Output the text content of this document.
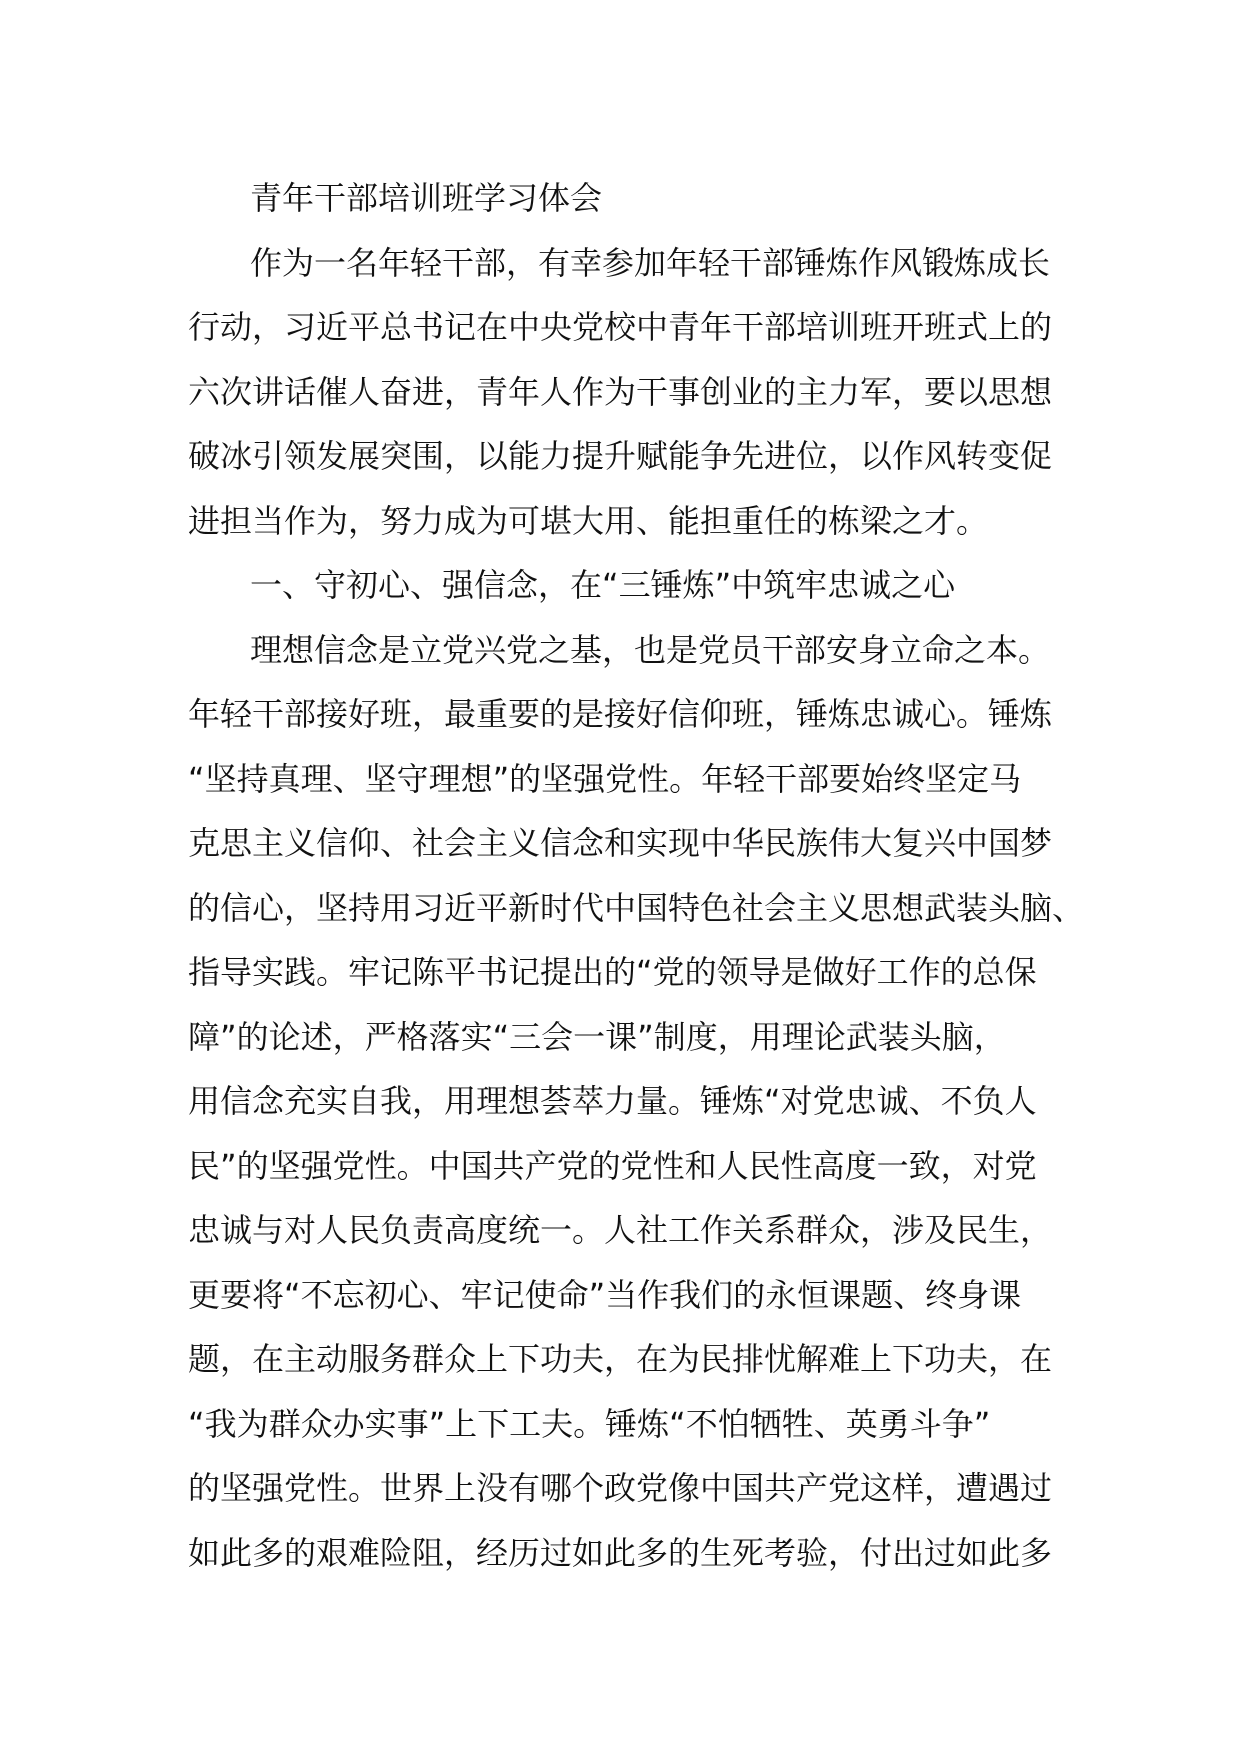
青年干部培训班学习体会
作为一名年轻干部，有幸参加年轻干部锤炼作风锻炼成长
行动，习近平总书记在中央党校中青年干部培训班开班式上的
六次讲话催人奋进，青年人作为干事创业的主力军，要以思想
破冰引领发展突围，以能力提升赋能争先进位，以作风转变促
进担当作为，努力成为可堪大用、能担重任的栋梁之才。
一、守初心、强信念，在“三锤炼”中筑牢忠诚之心
理想信念是立党兴党之基，也是党员干部安身立命之本。
年轻干部接好班，最重要的是接好信仰班，锤炼忠诚心。锤炼
“坚持真理、坚守理想”的坚强党性。年轻干部要始终坚定马
克思主义信仰、社会主义信念和实现中华民族伟大复兴中国梦
的信心，坚持用习近平新时代中国特色社会主义思想武装头脑、
指导实践。牢记陈平书记提出的“党的领导是做好工作的总保
障”的论述，严格落实“三会一课”制度，用理论武装头脑，
用信念充实自我，用理想荟萃力量。锤炼“对党忠诚、不负人
民”的坚强党性。中国共产党的党性和人民性高度一致，对党
忠诚与对人民负责高度统一。人社工作关系群众，涉及民生，
更要将“不忘初心、牢记使命”当作我们的永恒课题、终身课
题，在主动服务群众上下功夫，在为民排忧解难上下功夫，在
“我为群众办实事”上下工夫。锤炼“不怕牺牲、英勇斗争”
的坚强党性。世界上没有哪个政党像中国共产党这样，遭遇过
如此多的艰难险阻，经历过如此多的生死考验，付出过如此多
